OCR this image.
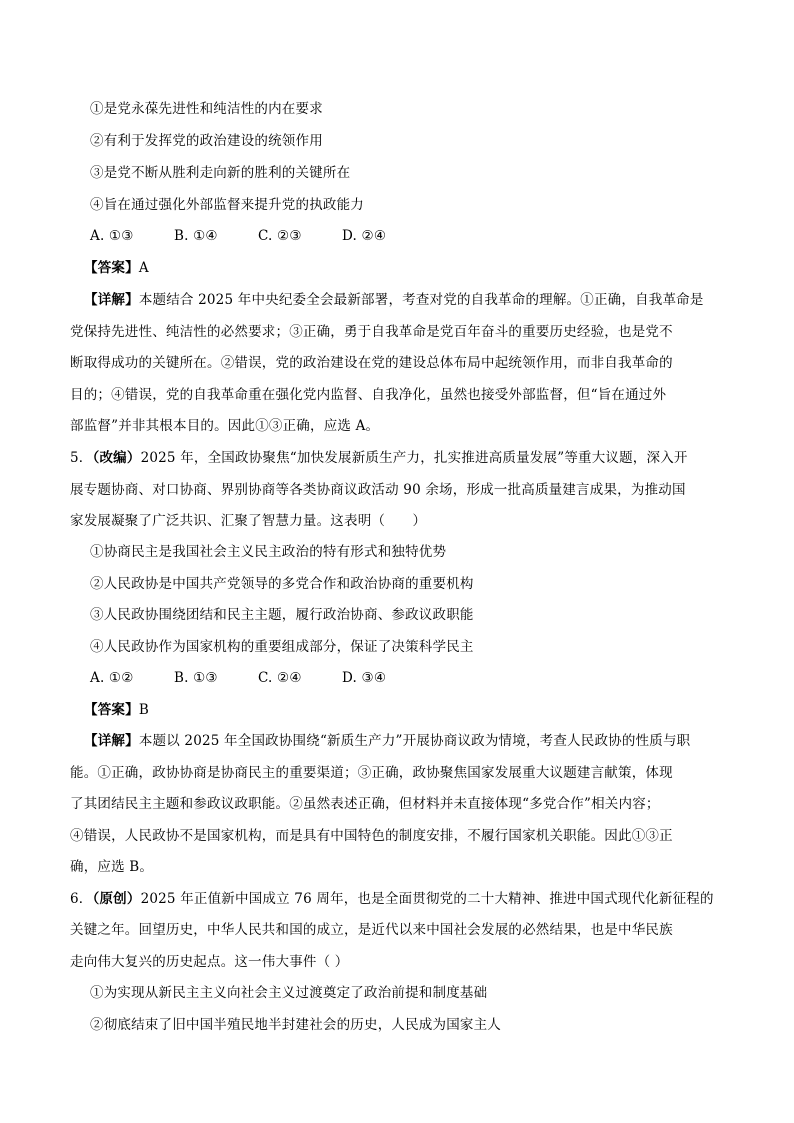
①是党永葆先进性和纯洁性的内在要求
②有利于发挥党的政治建设的统领作用
③是党不断从胜利走向新的胜利的关键所在
④旨在通过强化外部监督来提升党的执政能力
A. ①③	B. ①④	C. ②③	D. ②④
【答案】A
【详解】本题结合 2025 年中央纪委全会最新部署，考查对党的自我革命的理解。①正确，自我革命是
党保持先进性、纯洁性的必然要求；③正确，勇于自我革命是党百年奋斗的重要历史经验，也是党不
断取得成功的关键所在。②错误，党的政治建设在党的建设总体布局中起统领作用，而非自我革命的
目的；④错误，党的自我革命重在强化党内监督、自我净化，虽然也接受外部监督，但“旨在通过外
部监督”并非其根本目的。因此①③正确，应选 A。
5．（改编）2025 年，全国政协聚焦“加快发展新质生产力，扎实推进高质量发展”等重大议题，深入开
展专题协商、对口协商、界别协商等各类协商议政活动 90 余场，形成一批高质量建言成果，为推动国
家发展凝聚了广泛共识、汇聚了智慧力量。这表明（　　）
①协商民主是我国社会主义民主政治的特有形式和独特优势
②人民政协是中国共产党领导的多党合作和政治协商的重要机构
③人民政协围绕团结和民主主题，履行政治协商、参政议政职能
④人民政协作为国家机构的重要组成部分，保证了决策科学民主
A. ①②	B. ①③	C. ②④	D. ③④
【答案】B
【详解】本题以 2025 年全国政协围绕“新质生产力”开展协商议政为情境，考查人民政协的性质与职
能。①正确，政协协商是协商民主的重要渠道；③正确，政协聚焦国家发展重大议题建言献策，体现
了其团结民主主题和参政议政职能。②虽然表述正确，但材料并未直接体现“多党合作”相关内容；
④错误，人民政协不是国家机构，而是具有中国特色的制度安排，不履行国家机关职能。因此①③正
确，应选 B。
6．（原创）2025 年正值新中国成立 76 周年，也是全面贯彻党的二十大精神、推进中国式现代化新征程的
关键之年。回望历史，中华人民共和国的成立，是近代以来中国社会发展的必然结果，也是中华民族
走向伟大复兴的历史起点。这一伟大事件（ ）
①为实现从新民主主义向社会主义过渡奠定了政治前提和制度基础
②彻底结束了旧中国半殖民地半封建社会的历史，人民成为国家主人
